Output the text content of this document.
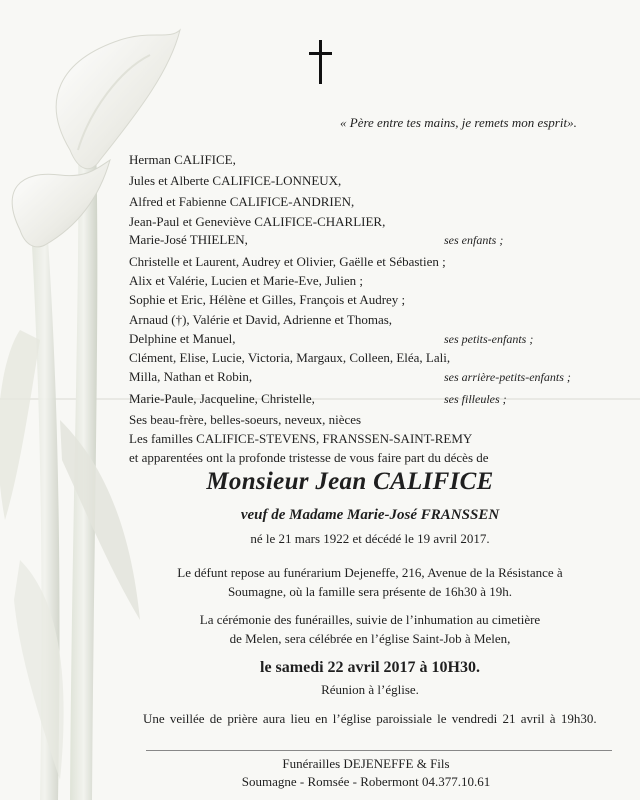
« Père entre tes mains, je remets mon esprit».
Herman CALIFICE,
Jules et Alberte CALIFICE-LONNEUX,
Alfred et Fabienne CALIFICE-ANDRIEN,
Jean-Paul et Geneviève CALIFICE-CHARLIER,
Marie-José THIELEN,	ses enfants ;
Christelle et Laurent, Audrey et Olivier, Gaëlle et Sébastien ;
Alix et Valérie, Lucien et Marie-Eve, Julien ;
Sophie et Eric, Hélène et Gilles, François et Audrey ;
Arnaud (†), Valérie et David, Adrienne et Thomas,
Delphine et Manuel,	ses petits-enfants ;
Clément, Elise, Lucie, Victoria, Margaux, Colleen, Eléa, Lali,
Milla, Nathan et Robin,	ses arrière-petits-enfants ;
Marie-Paule, Jacqueline, Christelle,	ses filleules ;
Ses beau-frère, belles-soeurs, neveux, nièces
Les familles CALIFICE-STEVENS, FRANSSEN-SAINT-REMY
et apparentées ont la profonde tristesse de vous faire part du décès de
Monsieur Jean CALIFICE
veuf de Madame Marie-José FRANSSEN
né le 21 mars 1922 et décédé le 19 avril 2017.
Le défunt repose au funérarium Dejeneffe, 216, Avenue de la Résistance à
Soumagne, où la famille sera présente de 16h30 à 19h.
La cérémonie des funérailles, suivie de l’inhumation au cimetière
de Melen, sera célébrée en l’église Saint-Job à Melen,
le samedi 22 avril 2017 à 10H30.
Réunion à l’église.
Une veillée de prière aura lieu en l’église paroissiale le vendredi 21 avril à 19h30.
Funérailles DEJENEFFE & Fils
Soumagne - Romsée - Robermont 04.377.10.61
